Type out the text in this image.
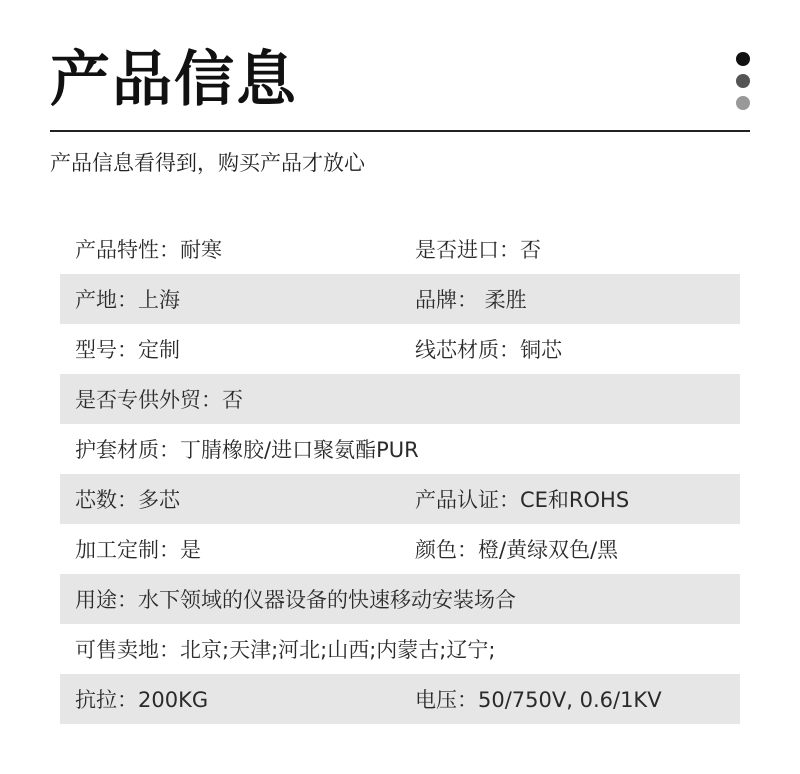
产品信息
产品信息看得到，购买产品才放心
产品特性：耐寒	是否进口：否
产地：上海	品牌： 柔胜
型号：定制	线芯材质：铜芯
是否专供外贸：否
护套材质：丁腈橡胶/进口聚氨酯PUR
芯数：多芯	产品认证：CE和ROHS
加工定制：是	颜色：橙/黄绿双色/黑
用途：水下领域的仪器设备的快速移动安装场合
可售卖地：北京;天津;河北;山西;内蒙古;辽宁;
抗拉：200KG	电压：50/750V, 0.6/1KV
